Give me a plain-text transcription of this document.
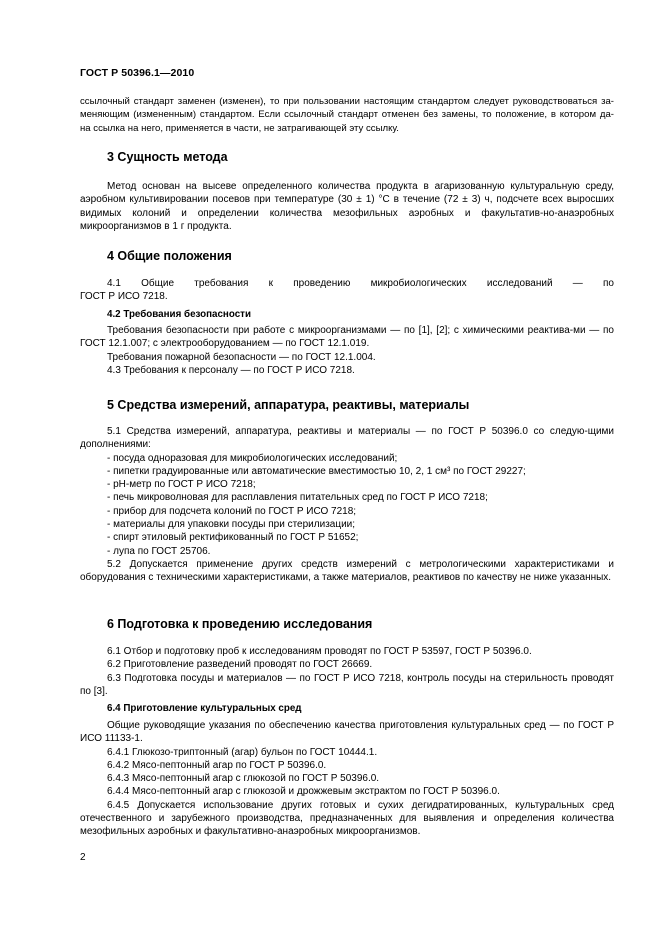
ГОСТ Р 50396.1—2010

ссылочный стандарт заменен (изменен), то при пользовании настоящим стандартом следует руководствоваться за-

меняющим (измененным) стандартом. Если ссылочный стандарт отменен без замены, то положение, в котором да-

на ссылка на него, применяется в части, не затрагивающей эту ссылку.

3 Сущность метода

Метод основан на высеве определенного количества продукта в агаризованную культуральную среду, аэробном культивировании посевов при температуре (30 ± 1) °С в течение (72 ± 3) ч, подсчете всех выросших видимых колоний и определении количества мезофильных аэробных и факультатив-но-анаэробных микроорганизмов в 1 г продукта.

4 Общие положения

4.1 Общие требования к проведению микробиологических исследований — по

ГОСТ Р ИСО 7218.

4.2 Требования безопасности

Требования безопасности при работе с микроорганизмами — по [1], [2]; с химическими реактива-ми — по ГОСТ 12.1.007; с электрооборудованием — по ГОСТ 12.1.019.

Требования пожарной безопасности — по ГОСТ 12.1.004.

4.3 Требования к персоналу — по ГОСТ Р ИСО 7218.

5 Средства измерений, аппаратура, реактивы, материалы

5.1 Средства измерений, аппаратура, реактивы и материалы — по ГОСТ Р 50396.0 со следую-щими дополнениями:

- посуда одноразовая для микробиологических исследований;

- пипетки градуированные или автоматические вместимостью 10, 2, 1 см³ по ГОСТ 29227;

- pH-метр по ГОСТ Р ИСО 7218;

- печь микроволновая для расплавления питательных сред по ГОСТ Р ИСО 7218;

- прибор для подсчета колоний по ГОСТ Р ИСО 7218;

- материалы для упаковки посуды при стерилизации;

- спирт этиловый ректификованный по ГОСТ Р 51652;

- лупа по ГОСТ 25706.

5.2 Допускается применение других средств измерений с метрологическими характеристиками и оборудования с техническими характеристиками, а также материалов, реактивов по качеству не ниже указанных.

6 Подготовка к проведению исследования

6.1 Отбор и подготовку проб к исследованиям проводят по ГОСТ Р 53597, ГОСТ Р 50396.0.

6.2 Приготовление разведений проводят по ГОСТ 26669.

6.3 Подготовка посуды и материалов — по ГОСТ Р ИСО 7218, контроль посуды на стерильность проводят по [3].

6.4 Приготовление культуральных сред

Общие руководящие указания по обеспечению качества приготовления культуральных сред — по ГОСТ Р ИСО 11133-1.

6.4.1 Глюкозо-триптонный (агар) бульон по ГОСТ 10444.1.

6.4.2 Мясо-пептонный агар по ГОСТ Р 50396.0.

6.4.3 Мясо-пептонный агар с глюкозой по ГОСТ Р 50396.0.

6.4.4 Мясо-пептонный агар с глюкозой и дрожжевым экстрактом по ГОСТ Р 50396.0.

6.4.5 Допускается использование других готовых и сухих дегидратированных, культуральных сред отечественного и зарубежного производства, предназначенных для выявления и определения количества мезофильных аэробных и факультативно-анаэробных микроорганизмов.

2
